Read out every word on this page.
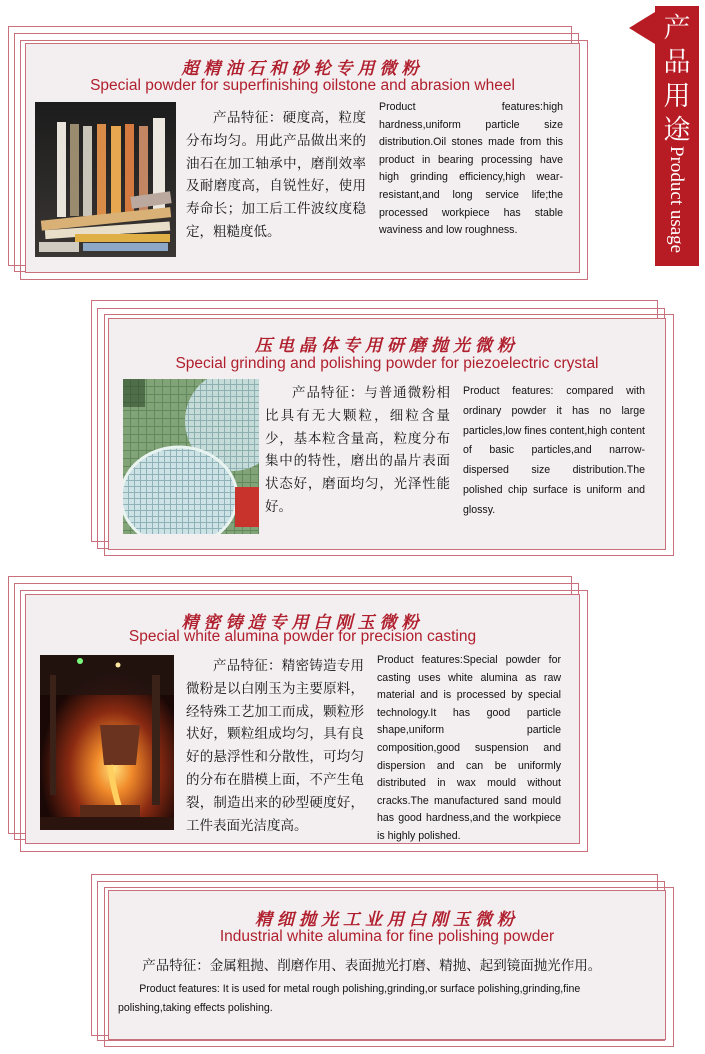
产
品
用
途
Product usage
超精油石和砂轮专用微粉
Special powder for superfinishing oilstone and abrasion wheel
产品特征：硬度高，粒度分布均匀。用此产品做出来的油石在加工轴承中，磨削效率及耐磨度高，自锐性好，使用寿命长；加工后工件波纹度稳定，粗糙度低。
Product features:high hardness,uniform particle size distribution.Oil stones made from this product in bearing processing have high grinding efficiency,high wear-resistant,and long service life;the processed workpiece has stable waviness and low roughness.
压电晶体专用研磨抛光微粉
Special grinding and polishing powder for piezoelectric crystal
产品特征：与普通微粉相比具有无大颗粒，细粒含量少，基本粒含量高，粒度分布集中的特性，磨出的晶片表面状态好，磨面均匀，光泽性能好。
Product features: compared with ordinary powder it has no large particles,low fines content,high content of basic particles,and narrow-dispersed size distribution.The polished chip surface is uniform and glossy.
精密铸造专用白刚玉微粉
Special white alumina powder for precision casting
产品特征：精密铸造专用微粉是以白刚玉为主要原料，经特殊工艺加工而成，颗粒形状好，颗粒组成均匀，具有良好的悬浮性和分散性，可均匀的分布在腊模上面，不产生龟裂，制造出来的砂型硬度好，工件表面光洁度高。
Product features:Special powder for casting uses white alumina as raw material and is processed by special technology.It has good particle shape,uniform particle composition,good suspension and dispersion and can be uniformly distributed in wax mould without cracks.The manufactured sand mould has good hardness,and the workpiece is highly polished.
精细抛光工业用白刚玉微粉
Industrial white alumina for fine polishing powder
产品特征：金属粗抛、削磨作用、表面抛光打磨、精抛、起到镜面抛光作用。
Product features: It is used for metal rough polishing,grinding,or surface polishing,grinding,fine polishing,taking effects polishing.
